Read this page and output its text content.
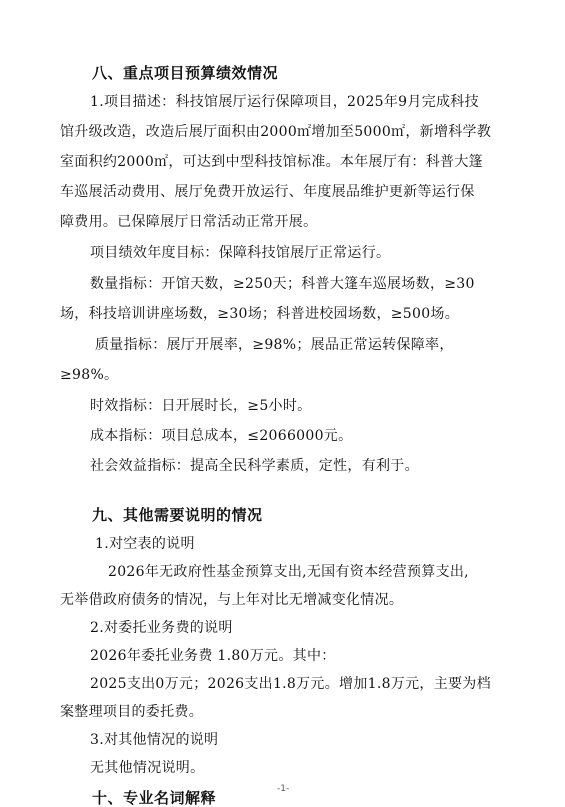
八、重点项目预算绩效情况
1.项目描述：科技馆展厅运行保障项目，2025年9月完成科技
馆升级改造，改造后展厅面积由2000㎡增加至5000㎡，新增科学教
室面积约2000㎡，可达到中型科技馆标准。本年展厅有：科普大篷
车巡展活动费用、展厅免费开放运行、年度展品维护更新等运行保
障费用。已保障展厅日常活动正常开展。
项目绩效年度目标：保障科技馆展厅正常运行。
数量指标：开馆天数，≥250天；科普大篷车巡展场数，≥30
场，科技培训讲座场数，≥30场；科普进校园场数，≥500场。
质量指标：展厅开展率，≥98%；展品正常运转保障率，
≥98%。
时效指标：日开展时长，≥5小时。
成本指标：项目总成本，≤2066000元。
社会效益指标：提高全民科学素质，定性，有利于。
九、其他需要说明的情况
1.对空表的说明
2026年无政府性基金预算支出,无国有资本经营预算支出,
无举借政府债务的情况，与上年对比无增减变化情况。
2.对委托业务费的说明
2026年委托业务费 1.80万元。其中：
2025支出0万元；2026支出1.8万元。增加1.8万元，主要为档
案整理项目的委托费。
3.对其他情况的说明
无其他情况说明。
十、专业名词解释	-1-
